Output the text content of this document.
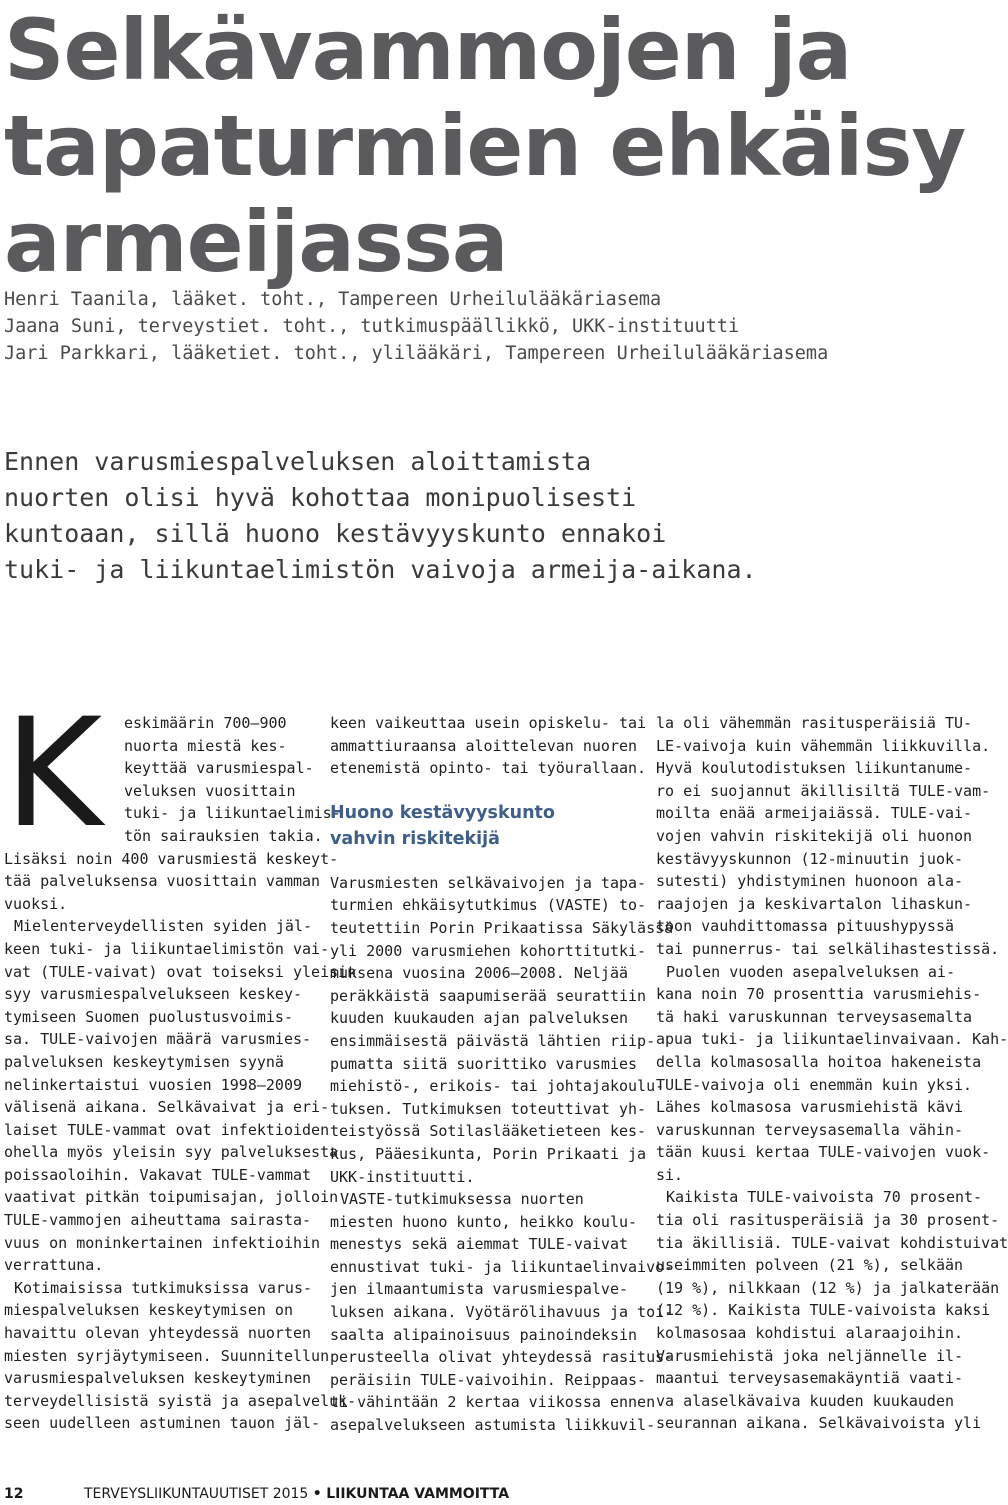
Selkävammojen ja
tapaturmien ehkäisy
armeijassa
Henri Taanila, lääket. toht., Tampereen Urheilulääkäriasema
Jaana Suni, terveystiet. toht., tutkimuspäällikkö, UKK-instituutti
Jari Parkkari, lääketiet. toht., ylilääkäri, Tampereen Urheilulääkäriasema
Ennen varusmiespalveluksen aloittamista
nuorten olisi hyvä kohottaa monipuolisesti
kuntoaan, sillä huono kestävyyskunto ennakoi
tuki- ja liikuntaelimistön vaivoja armeija-aikana.
K eskimäärin 700–900
nuorta miestä kes-
keyttää varusmiespal-
veluksen vuosittain
tuki- ja liikuntaelimis-
tön sairauksien takia.
Lisäksi noin 400 varusmiestä keskeyt-
tää palveluksensa vuosittain vamman
vuoksi.
Mielenterveydellisten syiden jäl-
keen tuki- ja liikuntaelimistön vai-
vat (TULE-vaivat) ovat toiseksi yleisin
syy varusmiespalvelukseen keskey-
tymiseen Suomen puolustusvoimis-
sa. TULE-vaivojen määrä varusmies-
palveluksen keskeytymisen syynä
nelinkertaistui vuosien 1998–2009
välisenä aikana. Selkävaivat ja eri-
laiset TULE-vammat ovat infektioiden
ohella myös yleisin syy palveluksesta
poissaoloihin. Vakavat TULE-vammat
vaativat pitkän toipumisajan, jolloin
TULE-vammojen aiheuttama sairasta-
vuus on moninkertainen infektioihin
verrattuna.
Kotimaisissa tutkimuksissa varus-
miespalveluksen keskeytymisen on
havaittu olevan yhteydessä nuorten
miesten syrjäytymiseen. Suunnitellun
varusmiespalveluksen keskeytyminen
terveydellisistä syistä ja asepalveluk-
seen uudelleen astuminen tauon jäl-
keen vaikeuttaa usein opiskelu- tai
ammattiuraansa aloittelevan nuoren
etenemistä opinto- tai työurallaan.
Huono kestävyyskunto
vahvin riskitekijä
Varusmiesten selkävaivojen ja tapa-
turmien ehkäisytutkimus (VASTE) to-
teutettiin Porin Prikaatissa Säkylässä
yli 2000 varusmiehen kohorttitutki-
muksena vuosina 2006–2008. Neljää
peräkkäistä saapumiserää seurattiin
kuuden kuukauden ajan palveluksen
ensimmäisestä päivästä lähtien riip-
pumatta siitä suorittiko varusmies
miehistö-, erikois- tai johtajakoulu-
tuksen. Tutkimuksen toteuttivat yh-
teistyössä Sotilaslääketieteen kes-
kus, Pääesikunta, Porin Prikaati ja
UKK-instituutti.
VASTE-tutkimuksessa nuorten
miesten huono kunto, heikko koulu-
menestys sekä aiemmat TULE-vaivat
ennustivat tuki- ja liikuntaelinvaivo-
jen ilmaantumista varusmiespalve-
luksen aikana. Vyötärölihavuus ja toi-
saalta alipainoisuus painoindeksin
perusteella olivat yhteydessä rasitus-
peräisiin TULE-vaivoihin. Reippaas-
ti vähintään 2 kertaa viikossa ennen
asepalvelukseen astumista liikkuvil-
la oli vähemmän rasitusperäisiä TU-
LE-vaivoja kuin vähemmän liikkuvilla.
Hyvä koulutodistuksen liikuntanume-
ro ei suojannut äkillisiltä TULE-vam-
moilta enää armeijaiässä. TULE-vai-
vojen vahvin riskitekijä oli huonon
kestävyyskunnon (12-minuutin juok-
sutesti) yhdistyminen huonoon ala-
raajojen ja keskivartalon lihaskun-
toon vauhdittomassa pituushypyssä
tai punnerrus- tai selkälihastestissä.
Puolen vuoden asepalveluksen ai-
kana noin 70 prosenttia varusmiehis-
tä haki varuskunnan terveysasemalta
apua tuki- ja liikuntaelinvaivaan. Kah-
della kolmasosalla hoitoa hakeneista
TULE-vaivoja oli enemmän kuin yksi.
Lähes kolmasosa varusmiehistä kävi
varuskunnan terveysasemalla vähin-
tään kuusi kertaa TULE-vaivojen vuok-
si.
Kaikista TULE-vaivoista 70 prosent-
tia oli rasitusperäisiä ja 30 prosent-
tia äkillisiä. TULE-vaivat kohdistuivat
useimmiten polveen (21 %), selkään
(19 %), nilkkaan (12 %) ja jalkaterään
(12 %). Kaikista TULE-vaivoista kaksi
kolmasosaa kohdistui alaraajoihin.
Varusmiehistä joka neljännelle il-
maantui terveysasemakäyntiä vaati-
va alaselkävaiva kuuden kuukauden
seurannan aikana. Selkävaivoista yli
12	TERVEYSLIIKUNTAUUTISET 2015 • LIIKUNTAA VAMMOITTA
